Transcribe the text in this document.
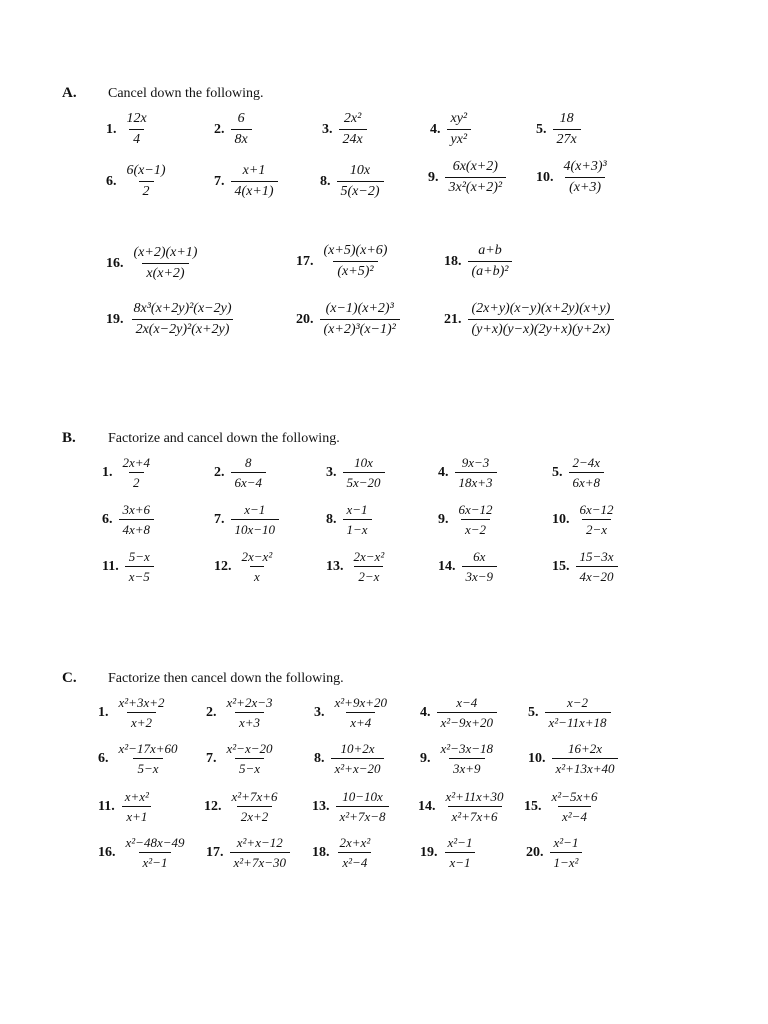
A. Cancel down the following.
1. $\frac{12x}{4}$	2. $\frac{6}{8x}$	3. $\frac{\text{2x²}}{24x}$	4. $\frac{\text{xy²}}{\text{yx²}}$	5. $\frac{18}{27x}$
6. $\frac{6(x-1)}{2}$	7. $\frac{x+1}{4(x+1)}$	8. $\frac{10x}{5(x-2)}$	9. $\frac{6x(x+2)}{\text{3x²(x+2)²}} 10$. $\frac{\text{4(x+3)³}}{(x+3)}$
16. $\frac{(x+2)(x+1)}{x(x+2)}$	17. $\frac{(x+5)(x+6)}{\text{(x+5)²}}$	18. $\frac{a+b}{\text{(a+b)²}}$
19. $\frac{\text{8x³(x+2y)²(x−2y)}}{\text{2x(x−2y)²(x+2y)}}$	20. $\frac{\text{(x−1)(x+2)³}}{\text{(x+2)³(x−1)²}}$	21. $\frac{(2x+y)(x-y)(x+2y)(x+y)}{(y+x)(y-x)(2y+x)(y+2x)}$
B. Factorize and cancel down the following.
1. $\frac{2x+4}{2}$	2. $\frac{8}{6x-4}$	3. $\frac{10x}{5x-20}$	4. $\frac{9x-3}{18x+3}$	5. $\frac{2-4x}{6x+8}$
6. $\frac{3x+6}{4x+8}$	7. $\frac{x-1}{10x-10}$	8. $\frac{x-1}{1-x}$	9. $\frac{6x-12}{x-2}$	10. $\frac{6x-12}{2-x}$
11. $\frac{5-x}{x-5}$	12. $\frac{\text{2x−x²}}{x}$	13. $\frac{\text{2x−x²}}{2-x}$	14. $\frac{6x}{3x-9}$	15. $\frac{15-3x}{4x-20}$
C. Factorize then cancel down the following.
1. $\frac{\text{x²+3x+2}}{x+2}$	2. $\frac{\text{x²+2x−3}}{x+3}$	3. $\frac{\text{x²+9x+20}}{x+4} 4$. $\frac{x-4}{\text{x²−9x+20}} 5$. $\frac{x-2}{\text{x²−11x+18}}$
6. $\frac{\text{x²−17x+60}}{5-x} 7$. $\frac{\text{x²−x−20}}{5-x}$	8. $\frac{10+2x}{\text{x²+x−20}}$	9. $\frac{\text{x²−3x−18}}{3x+9} 10$. $\frac{16+2x}{\text{x²+13x+40}}$
11. $\frac{\text{x+x²}}{x+1}$	12. $\frac{\text{x²+7x+6}}{2x+2} 13$. $\frac{10-10x}{\text{x²+7x−8}} 14$. $\frac{\text{x²+11x+30}}{\text{x²+7x+6}} 15$. $\frac{\text{x²−5x+6}}{\text{x²−4}}$
16. $\frac{\text{x²−48x−49}}{\text{x²−1}} 17$. $\frac{\text{x²+x−12}}{\text{x²+7x−30}} 18$. $\frac{\text{2x+x²}}{\text{x²−4}}$	19. $\frac{\text{x²−1}}{x-1}$	20. $\frac{\text{x²−1}}{\text{1−x²}}$
